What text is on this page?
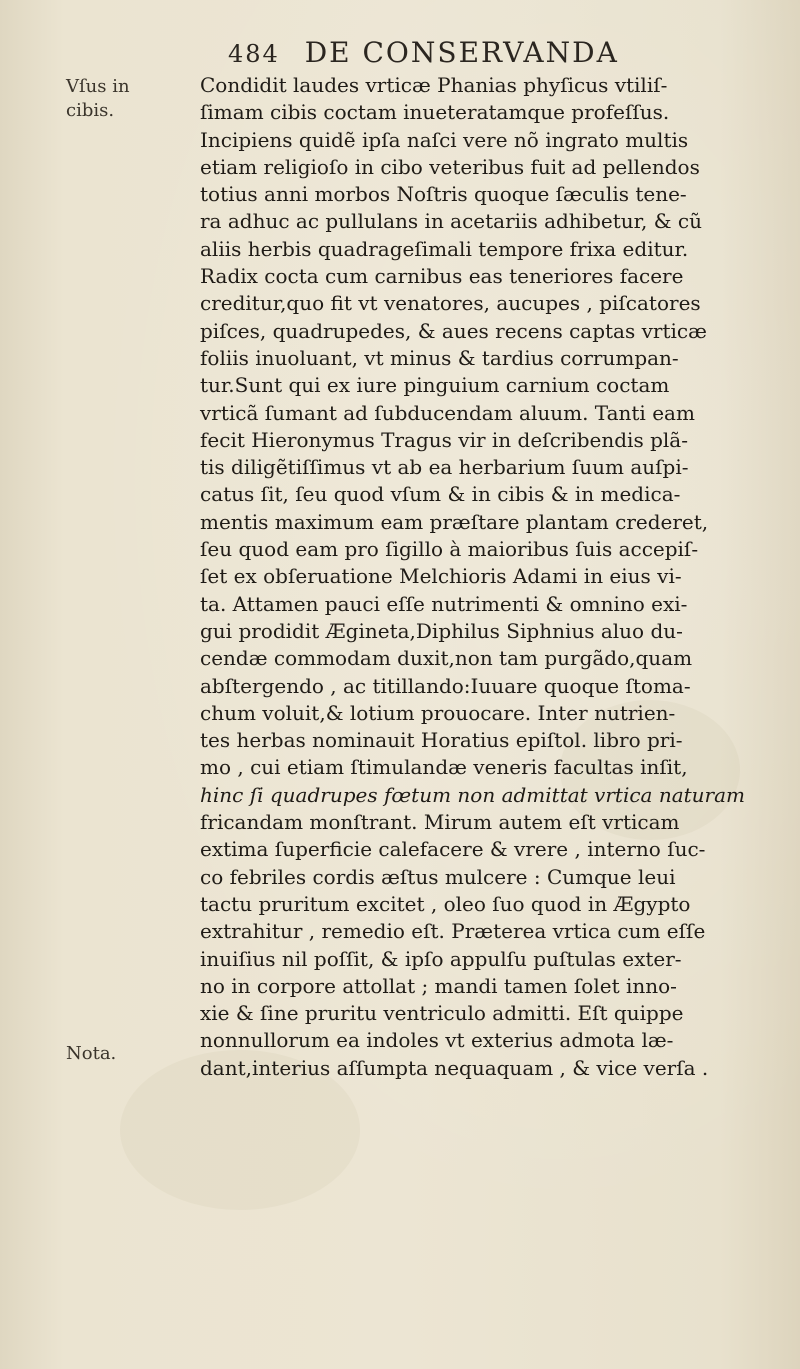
484 DE CONSERVANDA
Vſus in
cibis.
Nota.
Condidit laudes vrticæ Phanias phyſicus vtiliſ-
ſimam cibis coctam inueteratamque profeſſus.
Incipiens quidẽ ipſa naſci vere nõ ingrato multis
etiam religioſo in cibo veteribus fuit ad pellendos
totius anni morbos Noſtris quoque ſæculis tene-
ra adhuc ac pullulans in acetariis adhibetur, & cũ
aliis herbis quadrageſimali tempore frixa editur.
Radix cocta cum carnibus eas teneriores facere
creditur,quo fit vt venatores, aucupes , piſcatores
piſces, quadrupedes, & aues recens captas vrticæ
foliis inuoluant, vt minus & tardius corrumpan-
tur.Sunt qui ex iure pinguium carnium coctam
vrticã ſumant ad ſubducendam aluum. Tanti eam
fecit Hieronymus Tragus vir in deſcribendis plã-
tis diligẽtiſſimus vt ab ea herbarium ſuum auſpi-
catus ſit, ſeu quod vſum & in cibis & in medica-
mentis maximum eam præſtare plantam crederet,
ſeu quod eam pro ſigillo à maioribus ſuis accepiſ-
ſet ex obſeruatione Melchioris Adami in eius vi-
ta. Attamen pauci eſſe nutrimenti & omnino exi-
gui prodidit Ægineta,Diphilus Siphnius aluo du-
cendæ commodam duxit,non tam purgãdo,quam
abſtergendo , ac titillando:Iuuare quoque ſtoma-
chum voluit,& lotium prouocare. Inter nutrien-
tes herbas nominauit Horatius epiſtol. libro pri-
mo , cui etiam ſtimulandæ veneris facultas inſit,
hinc ſi quadrupes fœtum non admittat vrtica naturam
fricandam monſtrant. Mirum autem eſt vrticam
extima ſuperficie calefacere & vrere , interno ſuc-
co febriles cordis æſtus mulcere : Cumque leui
tactu pruritum excitet , oleo ſuo quod in Ægypto
extrahitur , remedio eſt. Præterea vrtica cum eſſe
inuiſius nil poſſit, & ipſo appulſu puſtulas exter-
no in corpore attollat ; mandi tamen ſolet inno-
xie & ſine pruritu ventriculo admitti. Eſt quippe
nonnullorum ea indoles vt exterius admota læ-
dant,interius aſſumpta nequaquam , & vice verſa .
